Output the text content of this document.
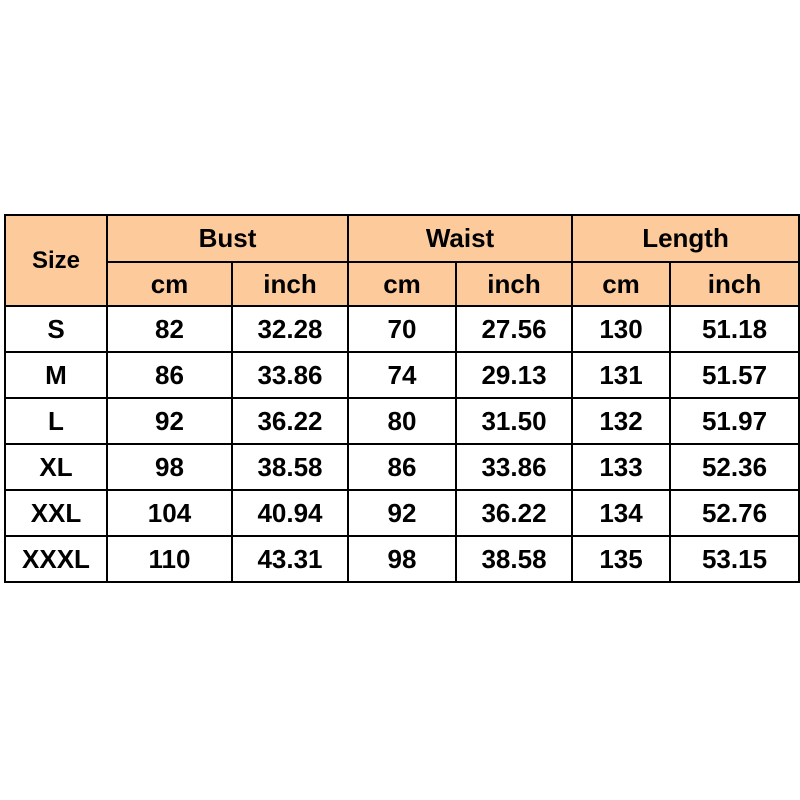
Size	Bust		Waist		Length	
	cm	inch	cm	inch	cm	inch
S	82	32.28	70	27.56	130	51.18
M	86	33.86	74	29.13	131	51.57
L	92	36.22	80	31.50	132	51.97
XL	98	38.58	86	33.86	133	52.36
XXL	104	40.94	92	36.22	134	52.76
XXXL	110	43.31	98	38.58	135	53.15
